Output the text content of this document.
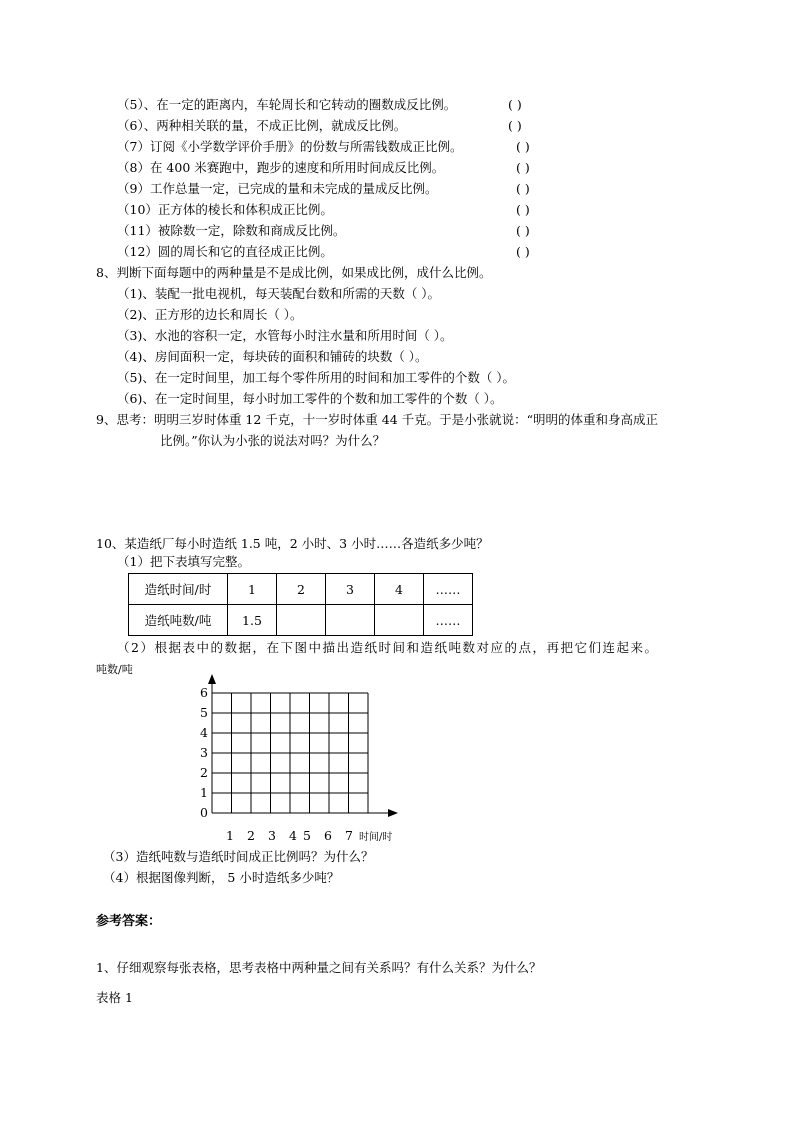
（5）、在一定的距离内，车轮周长和它转动的圈数成反比例。	( )
（6）、两种相关联的量，不成正比例，就成反比例。	( )
（7）订阅《小学数学评价手册》的份数与所需钱数成正比例。	( )
（8）在 400 米赛跑中，跑步的速度和所用时间成反比例。	( )
（9）工作总量一定，已完成的量和未完成的量成反比例。	( )
（10）正方体的棱长和体积成正比例。	( )
（11）被除数一定，除数和商成反比例。	( )
（12）圆的周长和它的直径成正比例。	( )
8、判断下面每题中的两种量是不是成比例，如果成比例，成什么比例。
（1)、装配一批电视机，每天装配台数和所需的天数（ ）。
（2)、正方形的边长和周长（ ）。
（3)、水池的容积一定，水管每小时注水量和所用时间（ ）。
（4)、房间面积一定，每块砖的面积和铺砖的块数（ ）。
（5)、在一定时间里，加工每个零件所用的时间和加工零件的个数（ ）。
（6)、在一定时间里，每小时加工零件的个数和加工零件的个数（ ）。
9、思考：明明三岁时体重 12 千克，十一岁时体重 44 千克。于是小张就说：“明明的体重和身高成正
比例。”你认为小张的说法对吗？为什么？
10、某造纸厂每小时造纸 1.5 吨，2 小时、3 小时……各造纸多少吨？
（1）把下表填写完整。
造纸时间/时	1	2	3	4	……
造纸吨数/吨	1.5				……
（2）根据表中的数据，在下图中描出造纸时间和造纸吨数对应的点，再把它们连起来。
吨数/吨
6
5
4
3
2
1
0
1 2 3 4 5 6 7 时间/时
（3）造纸吨数与造纸时间成正比例吗？为什么？
（4）根据图像判断， 5 小时造纸多少吨？
参考答案：
1、仔细观察每张表格，思考表格中两种量之间有关系吗？有什么关系？为什么？
表格 1
